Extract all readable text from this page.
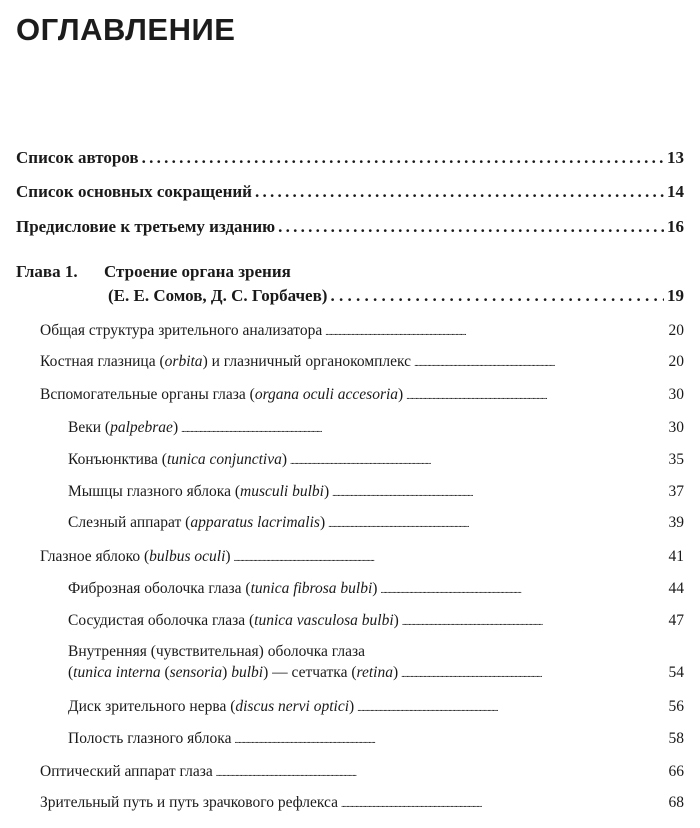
ОГЛАВЛЕНИЕ
Список авторов . . .	13
Список основных сокращений . . .	14
Предисловие к третьему изданию . . .	16
Глава 1. Строение органа зрения
(Е. Е. Сомов, Д. С. Горбачев) . . .	19
Общая структура зрительного анализатора . . .	20
Костная глазница (orbita) и глазничный органокомплекс . . .	20
Вспомогательные органы глаза (organa oculi accesoria) . . .	30
Веки (palpebrae) . . .	30
Конъюнктива (tunica conjunctiva) . . .	35
Мышцы глазного яблока (musculi bulbi) . . .	37
Слезный аппарат (apparatus lacrimalis) . . .	39
Глазное яблоко (bulbus oculi) . . .	41
Фиброзная оболочка глаза (tunica fibrosa bulbi) . . .	44
Сосудистая оболочка глаза (tunica vasculosa bulbi) . . .	47
Внутренняя (чувствительная) оболочка глаза
(tunica interna (sensoria) bulbi) — сетчатка (retina) . . .	54
Диск зрительного нерва (discus nervi optici) . . .	56
Полость глазного яблока . . .	58
Оптический аппарат глаза . . .	66
Зрительный путь и путь зрачкового рефлекса . . .	68
